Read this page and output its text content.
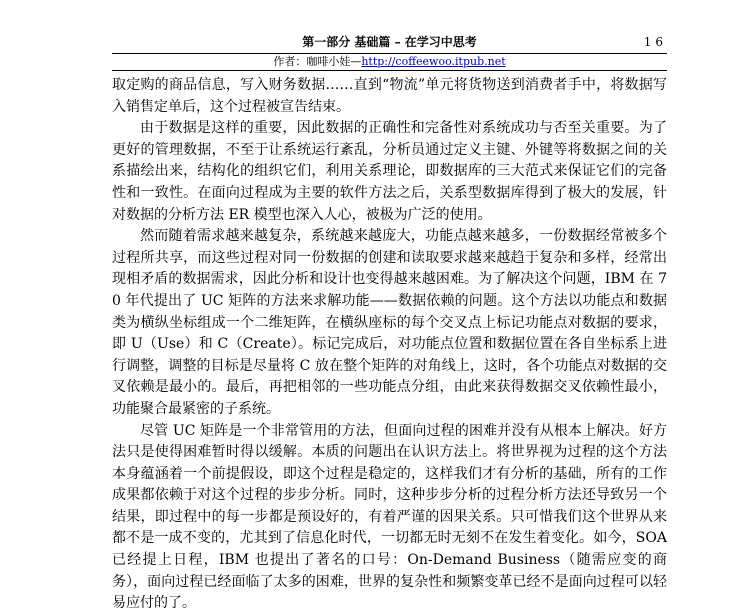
第一部分 基础篇 – 在学习中思考	16
作者：咖啡小娃—http://coffeewoo.itpub.net

取定购的商品信息，写入财务数据……直到“物流”单元将货物送到消费者手中，将数据写入销售定单后，这个过程被宣告结束。

由于数据是这样的重要，因此数据的正确性和完备性对系统成功与否至关重要。为了更好的管理数据，不至于让系统运行紊乱，分析员通过定义主键、外键等将数据之间的关系描绘出来，结构化的组织它们，利用关系理论，即数据库的三大范式来保证它们的完备性和一致性。在面向过程成为主要的软件方法之后，关系型数据库得到了极大的发展，针对数据的分析方法 ER 模型也深入人心，被极为广泛的使用。

然而随着需求越来越复杂，系统越来越庞大，功能点越来越多，一份数据经常被多个过程所共享，而这些过程对同一份数据的创建和读取要求越来越趋于复杂和多样，经常出现相矛盾的数据需求，因此分析和设计也变得越来越困难。为了解决这个问题，IBM 在 70 年代提出了 UC 矩阵的方法来求解功能——数据依赖的问题。这个方法以功能点和数据类为横纵坐标组成一个二维矩阵，在横纵座标的每个交叉点上标记功能点对数据的要求，即 U（Use）和 C（Create）。标记完成后，对功能点位置和数据位置在各自坐标系上进行调整，调整的目标是尽量将 C 放在整个矩阵的对角线上，这时，各个功能点对数据的交叉依赖是最小的。最后，再把相邻的一些功能点分组，由此来获得数据交叉依赖性最小，功能聚合最紧密的子系统。

尽管 UC 矩阵是一个非常管用的方法，但面向过程的困难并没有从根本上解决。好方法只是使得困难暂时得以缓解。本质的问题出在认识方法上。将世界视为过程的这个方法本身蕴涵着一个前提假设，即这个过程是稳定的，这样我们才有分析的基础，所有的工作成果都依赖于对这个过程的步步分析。同时，这种步步分析的过程分析方法还导致另一个结果，即过程中的每一步都是预设好的，有着严谨的因果关系。只可惜我们这个世界从来都不是一成不变的，尤其到了信息化时代，一切都无时无刻不在发生着变化。如今，SOA 已经提上日程，IBM 也提出了著名的口号：On-Demand Business（随需应变的商务），面向过程已经面临了太多的困难，世界的复杂性和频繁变革已经不是面向过程可以轻易应付的了。
